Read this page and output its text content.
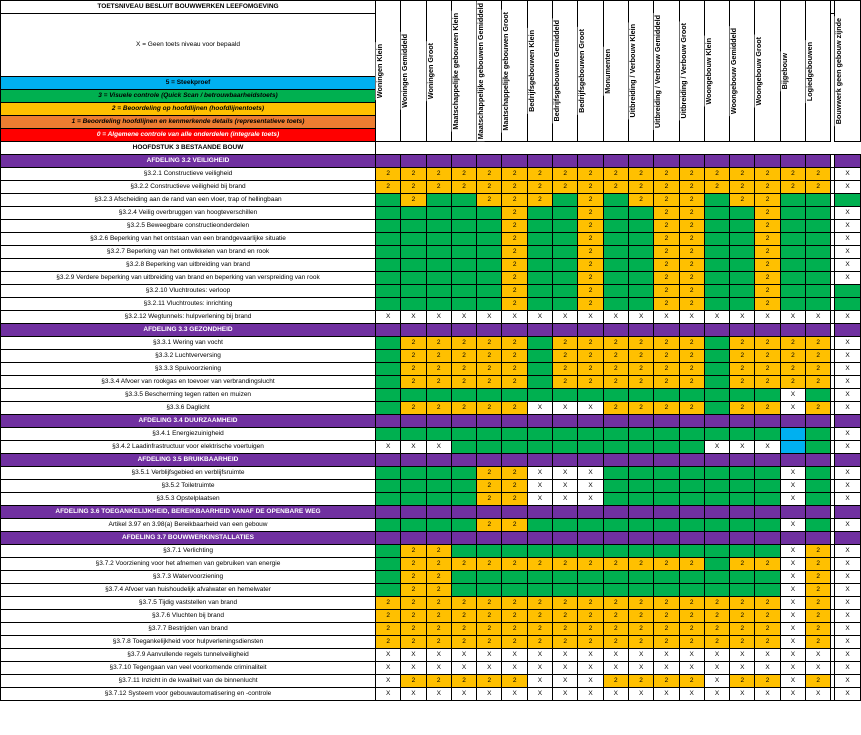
TOETSNIVEAU BESLUIT BOUWWERKEN LEEFOMGEVING	Woningen Klein	Woningen Gemiddeld	Woningen Groot	Maatschappelijke gebouwen Klein	Maatschappelijke gebouwen Gemiddeld	Maatschappelijke gebouwen Groot	Bedrijfsgebouwen Klein	Bedrijfsgebouwen Gemiddeld	Bedrijfsgebouwen Groot	Monumenten	Uitbreiding / Verbouw Klein	Uitbreiding / Verbouw Gemiddeld	Uitbreiding / Verbouw Groot	Woongebouw Klein	Woongebouw Gemiddeld	Woongebouw Groot	Bijgebouw	Logiedgebouwen		Bouwwerk geen gebouw zijnde

X = Geen toets niveau voor bepaald																				

5 = Steekproef																				
3 = Visuele controle (Quick Scan / betrouwbaarheidstoets)																				
2 = Beoordeling op hoofdlijnen (hoofdlijnentoets)																				
1 = Beoordeling hoofdlijnen en kenmerkende details (representatieve toets)																				
0 = Algemene controle van alle onderdelen (integrale toets)																				
HOOFDSTUK 3 BESTAANDE BOUW																				
AFDELING 3.2 VEILIGHEID																				
§3.2.1 Constructieve veiligheid	2	2	2	2	2	2	2	2	2	2	2	2	2	2	2	2	2	2		X
§3.2.2 Constructieve veiligheid bij brand	2	2	2	2	2	2	2	2	2	2	2	2	2	2	2	2	2	2		X
§3.2.3 Afscheiding aan de rand van een vloer, trap of hellingbaan	1	2	1	1	2	2	2	1	2	1	2	2	2	1	2	2	1	1		1
§3.2.4 Veilig overbruggen van hoogteverschillen	1	1	1	1	1	2	1	1	2	1	1	2	2	1	1	2	1	1		X
§3.2.5 Beweegbare constructieonderdelen	1	1	1	1	1	2	1	1	2	1	1	2	2	1	1	2	1	1		X
§3.2.6 Beperking van het ontstaan van een brandgevaarlijke situatie	1	1	1	1	1	2	1	1	2	1	1	2	2	1	1	2	1	1		X
§3.2.7 Beperking van het ontwikkelen van brand en rook	1	1	1	1	1	2	1	1	2	1	1	2	2	1	1	2	1	1		X
§3.2.8 Beperking van uitbreiding van brand	1	1	1	1	1	2	1	1	2	1	1	2	2	1	1	2	1	1		X
§3.2.9 Verdere beperking van uitbreiding van brand en beperking van verspreiding van rook	1	1	1	1	1	2	1	1	2	1	1	2	2	1	1	2	1	1		X
§3.2.10 Vluchtroutes: verloop	1	1	1	1	1	2	1	1	2	1	1	2	2	1	1	2	1	1		1
§3.2.11 Vluchtroutes: inrichting	1	1	1	1	1	2	1	1	2	1	1	2	2	1	1	2	1	1		1
§3.2.12 Wegtunnels: hulpverlening bij brand	X	X	X	X	X	X	X	X	X	X	X	X	X	X	X	X	X	X		X
AFDELING 3.3 GEZONDHEID																				
§3.3.1 Wering van vocht	1	2	2	2	2	2	1	2	2	2	2	2	2	1	2	2	2	2		X
§3.3.2 Luchtverversing	1	2	2	2	2	2	1	2	2	2	2	2	2	1	2	2	2	2		X
§3.3.3 Spuivoorziening	1	2	2	2	2	2	1	2	2	2	2	2	2	1	2	2	2	2		X
§3.3.4 Afvoer van rookgas en toevoer van verbrandingslucht	1	2	2	2	2	2	1	2	2	2	2	2	2	1	2	2	2	2		X
§3.3.5 Bescherming tegen ratten en muizen	1	1	1	1	1	1	1	1	1	1	1	1	1	1	1	1	X	1		X
§3.3.6 Daglicht	1	2	2	2	2	2	X	X	X	2	2	2	2	1	2	2	X	2		X
AFDELING 3.4 DUURZAAMHEID																				
§3.4.1 Energiezuinigheid	1	1	1	1	1	1	1	1	1	1	1	1	1	1	1	1	5	1		X
§3.4.2 Laadinfrastructuur voor elektrische voertuigen	X	X	X	1	1	1	1	1	1	1	1	1	1	X	X	X	5	1		X
AFDELING 3.5 BRUIKBAARHEID																				
§3.5.1 Verblijfsgebied en verblijfsruimte	1	1	1	1	2	2	X	X	X	1	1	1	1	1	1	1	X	1		X
§3.5.2 Toiletruimte	1	1	1	1	2	2	X	X	X	1	1	1	1	1	1	1	X	1		X
§3.5.3 Opstelplaatsen	1	1	1	1	2	2	X	X	X	1	1	1	1	1	1	1	X	1		X
AFDELING 3.6 TOEGANKELIJKHEID, BEREIKBAARHEID VANAF DE OPENBARE WEG																				
Artikel 3.97 en 3.98(a) Bereikbaarheid van een gebouw	1	1	1	1	2	2	1	1	1	1	1	1	1	1	1	1	X	1		X
AFDELING 3.7 BOUWWERKINSTALLATIES																				
§3.7.1 Verlichting	1	2	2	1	1	1	1	1	1	1	1	1	1	1	1	1	X	2		X
§3.7.2 Voorziening voor het afnemen van gebruiken van energie	1	2	2	2	2	2	2	2	2	2	2	2	2	1	2	2	X	2		X
§3.7.3 Watervoorziening	1	2	2	1	1	1	1	1	1	1	1	1	1	1	1	1	X	2		X
§3.7.4 Afvoer van huishoudelijk afvalwater en hemelwater	1	2	2	1	1	1	1	1	1	1	1	1	1	1	1	1	X	2		X
§3.7.5 Tijdig vaststellen van brand	2	2	2	2	2	2	2	2	2	2	2	2	2	2	2	2	X	2		X
§3.7.6 Vluchten bij brand	2	2	2	2	2	2	2	2	2	2	2	2	2	2	2	2	X	2		X
§3.7.7 Bestrijden van brand	2	2	2	2	2	2	2	2	2	2	2	2	2	2	2	2	X	2		X
§3.7.8 Toegankelijkheid voor hulpverleningsdiensten	2	2	2	2	2	2	2	2	2	2	2	2	2	2	2	2	X	2		X
§3.7.9 Aanvullende regels tunnelveiligheid	X	X	X	X	X	X	X	X	X	X	X	X	X	X	X	X	X	X		X
§3.7.10 Tegengaan van veel voorkomende criminaliteit	X	X	X	X	X	X	X	X	X	X	X	X	X	X	X	X	X	X		X
§3.7.11 Inzicht in de kwaliteit van de binnenlucht	X	2	2	2	2	2	X	X	X	2	2	2	2	X	2	2	X	2		X
§3.7.12 Systeem voor gebouwautomatisering en -controle	X	X	X	X	X	X	X	X	X	X	X	X	X	X	X	X	X	X		X
